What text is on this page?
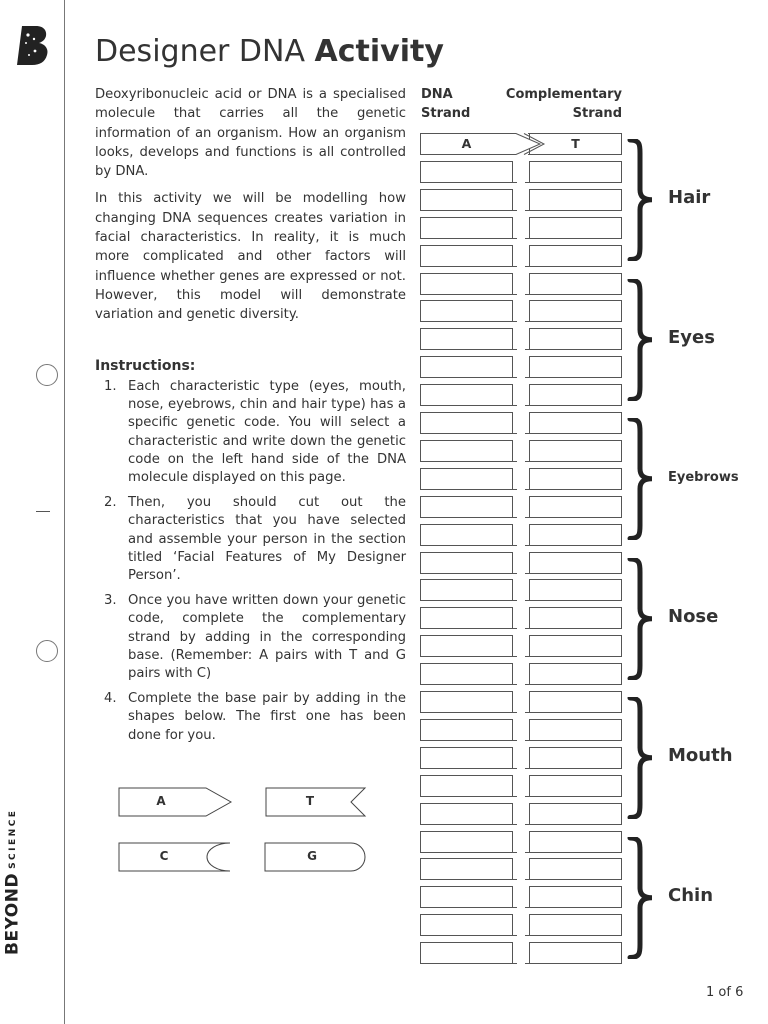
BEYONDSCIENCE
Designer DNA Activity

Deoxyribonucleic acid or DNA is a specialised molecule that carries all the genetic information of an organism. How an organism looks, develops and functions is all controlled by DNA.

In this activity we will be modelling how changing DNA sequences creates variation in facial characteristics. In reality, it is much more complicated and other factors will influence whether genes are expressed or not. However, this model will demonstrate variation and genetic diversity.

Instructions:
1. Each characteristic type (eyes, mouth, nose, eyebrows, chin and hair type) has a specific genetic code. You will select a characteristic and write down the genetic code on the left hand side of the DNA molecule displayed on this page.
2. Then, you should cut out the characteristics that you have selected and assemble your person in the section titled ‘Facial Features of My Designer Person’.
3. Once you have written down your genetic code, complete the complementary strand by adding in the corresponding base. (Remember: A pairs with T and G pairs with C)
4. Complete the base pair by adding in the shapes below. The first one has been done for you.
A	T
C	G
DNA
Strand
Complementary
Strand
A	T
Hair
Eyes
Eyebrows
Nose
Mouth
Chin
1 of 6
